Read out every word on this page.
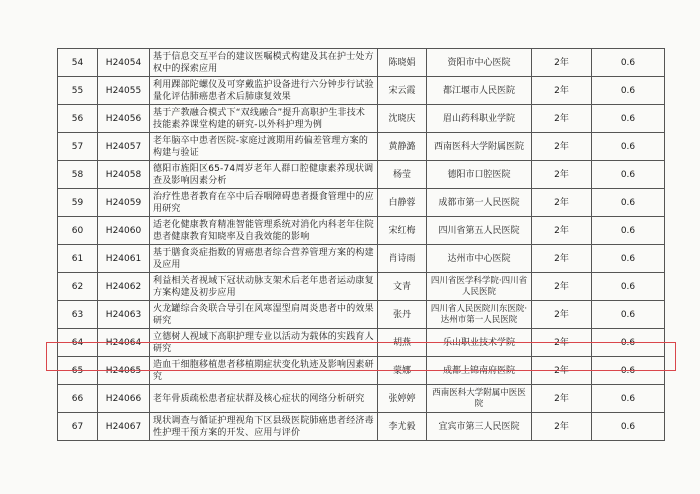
54	H24054	基于信息交互平台的建议医嘱模式构建及其在护士处方权中的探索应用	陈晓娟	资阳市中心医院	2年	0.6
55	H24055	利用踝部陀螺仪及可穿戴监护设备进行六分钟步行试验量化评估肺癌患者术后肺康复效果	宋云霞	都江堰市人民医院	2年	0.6
56	H24056	基于产教融合模式下“双线融合”提升高职护生非技术技能素养课堂构建的研究-以外科护理为例	沈晓庆	眉山药科职业学院	2年	0.6
57	H24057	老年脑卒中患者医院-家庭过渡期用药偏差管理方案的构建与验证	黄静潞	西南医科大学附属医院	2年	0.6
58	H24058	德阳市旌阳区65-74周岁老年人群口腔健康素养现状调查及影响因素分析	杨莹	德阳市口腔医院	2年	0.6
59	H24059	治疗性患者教育在卒中后吞咽障碍患者摄食管理中的应用研究	白静蓉	成都市第一人民医院	2年	0.6
60	H24060	适老化健康教育精准智能管理系统对消化内科老年住院患者健康教育知晓率及自我效能的影响	宋红梅	四川省第五人民医院	2年	0.6
61	H24061	基于膳食炎症指数的胃癌患者综合营养管理方案的构建及应用	肖诗雨	达州市中心医院	2年	0.6
62	H24062	利益相关者视域下冠状动脉支架术后老年患者运动康复方案构建及初步应用	文青	四川省医学科学院·四川省人民医院	2年	0.6
63	H24063	火龙罐综合灸联合导引在风寒湿型肩周炎患者中的效果研究	张丹	四川省人民医院川东医院·达州市第一人民医院	2年	0.6
64	H24064	立德树人视域下高职护理专业以活动为载体的实践育人研究	胡燕	乐山职业技术学院	2年	0.6
65	H24065	造血干细胞移植患者移植期症状变化轨迹及影响因素研究	蒙娜	成都上锦南府医院	2年	0.6
66	H24066	老年骨质疏松患者症状群及核心症状的网络分析研究	张婷婷	西南医科大学附属中医医院	2年	0.6
67	H24067	现状调查与循证护理视角下区县级医院肺癌患者经济毒性护理干预方案的开发、应用与评价	李尤毅	宜宾市第三人民医院	2年	0.6
